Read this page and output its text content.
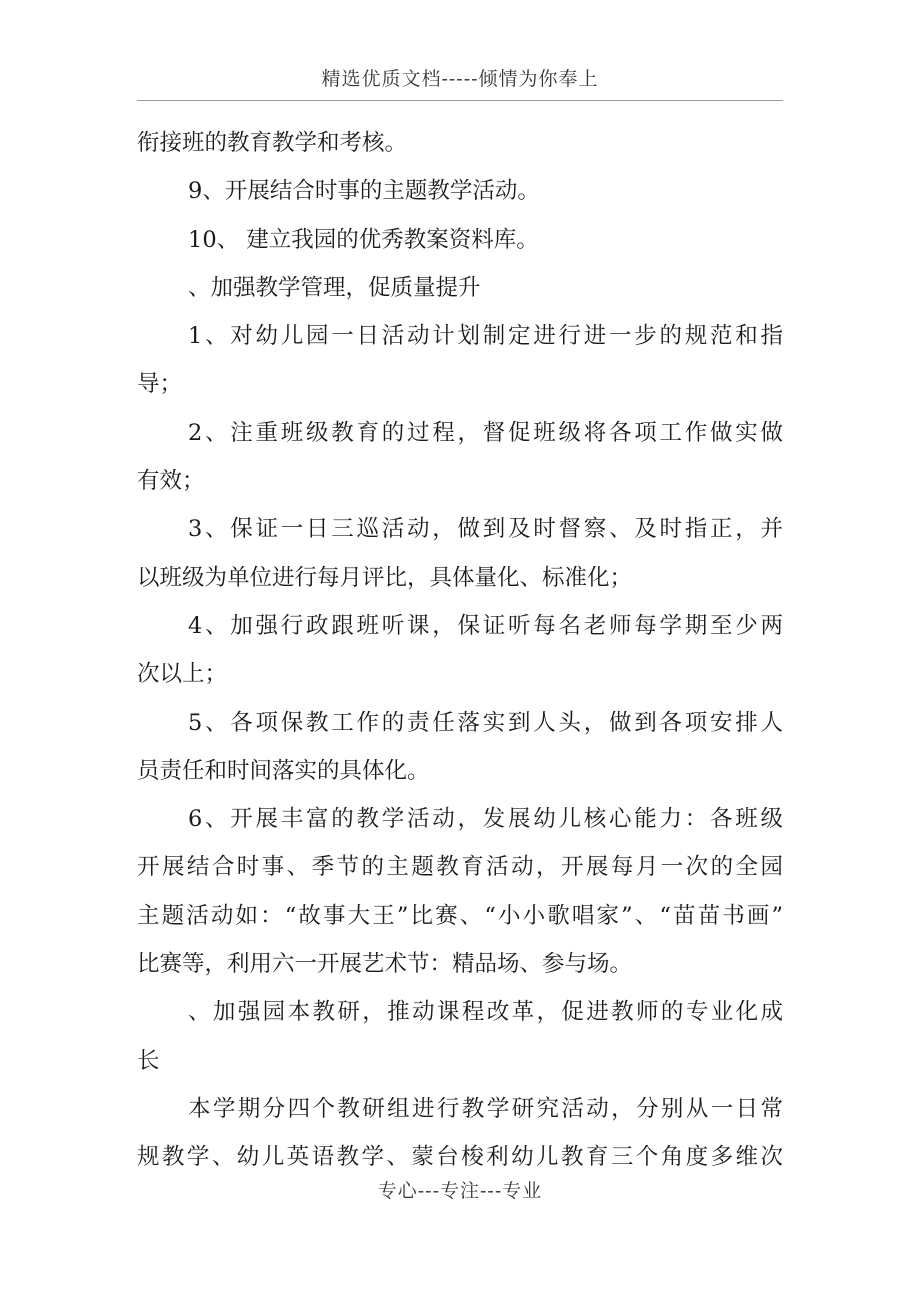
精选优质文档-----倾情为你奉上
衔接班的教育教学和考核。
9、开展结合时事的主题教学活动。
10、 建立我园的优秀教案资料库。
、加强教学管理，促质量提升
1、对幼儿园一日活动计划制定进行进一步的规范和指
导；
2、注重班级教育的过程，督促班级将各项工作做实做
有效；
3、保证一日三巡活动，做到及时督察、及时指正，并
以班级为单位进行每月评比，具体量化、标准化；
4、加强行政跟班听课，保证听每名老师每学期至少两
次以上；
5、各项保教工作的责任落实到人头，做到各项安排人
员责任和时间落实的具体化。
6、开展丰富的教学活动，发展幼儿核心能力：各班级
开展结合时事、季节的主题教育活动，开展每月一次的全园
主题活动如：“故事大王”比赛、“小小歌唱家”、“苗苗书画”
比赛等，利用六一开展艺术节：精品场、参与场。
、加强园本教研，推动课程改革，促进教师的专业化成
长
本学期分四个教研组进行教学研究活动，分别从一日常
规教学、幼儿英语教学、蒙台梭利幼儿教育三个角度多维次
专心---专注---专业
